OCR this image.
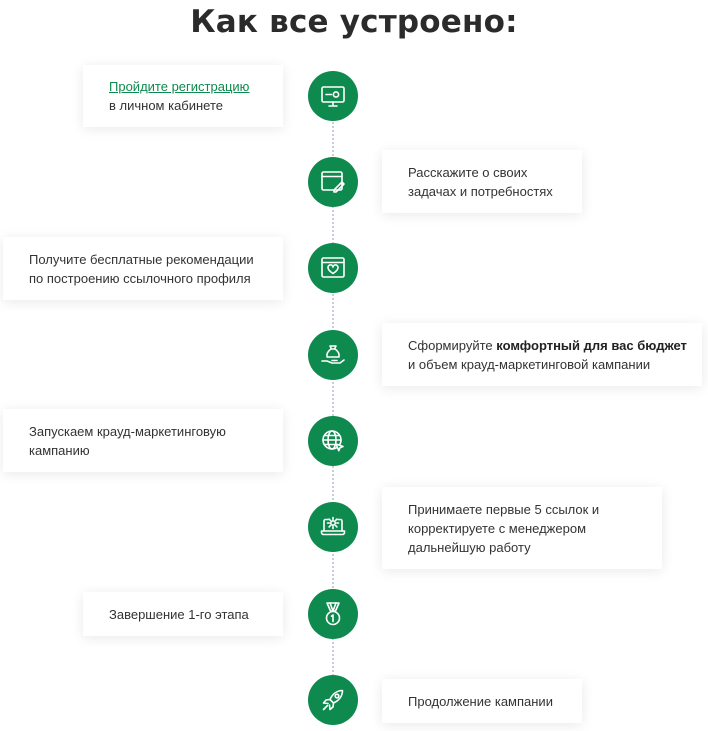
Как все устроено:
Пройдите регистрацию
в личном кабинете
Расскажите о своих
задачах и потребностях
Получите бесплатные рекомендации
по построению ссылочного профиля
Сформируйте комфортный для вас бюджет
и объем крауд-маркетинговой кампании
Запускаем крауд-маркетинговую
кампанию
Принимаете первые 5 ссылок и
корректируете с менеджером
дальнейшую работу
Завершение 1-го этапа
Продолжение кампании
